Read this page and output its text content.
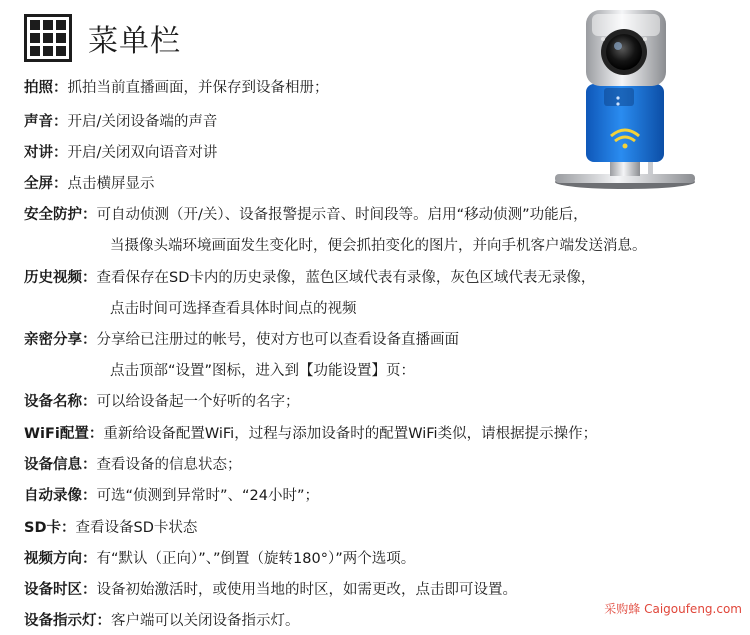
菜单栏
拍照：抓拍当前直播画面，并保存到设备相册；
声音：开启/关闭设备端的声音
对讲：开启/关闭双向语音对讲
全屏：点击横屏显示
安全防护：可自动侦测（开/关）、设备报警提示音、时间段等。启用“移动侦测”功能后，
当摄像头端环境画面发生变化时，便会抓拍变化的图片，并向手机客户端发送消息。
历史视频：查看保存在SD卡内的历史录像，蓝色区域代表有录像，灰色区域代表无录像，
点击时间可选择查看具体时间点的视频
亲密分享：分享给已注册过的帐号，使对方也可以查看设备直播画面
点击顶部“设置”图标，进入到【功能设置】页：
设备名称：可以给设备起一个好听的名字；
WiFi配置：重新给设备配置WiFi，过程与添加设备时的配置WiFi类似，请根据提示操作；
设备信息：查看设备的信息状态；
自动录像：可选“侦测到异常时”、“24小时”；
SD卡：查看设备SD卡状态
视频方向：有“默认（正向）”、”倒置（旋转180°）”两个选项。
设备时区：设备初始激活时，或使用当地的时区，如需更改，点击即可设置。
设备指示灯：客户端可以关闭设备指示灯。
采购蜂 Caigoufeng.com
